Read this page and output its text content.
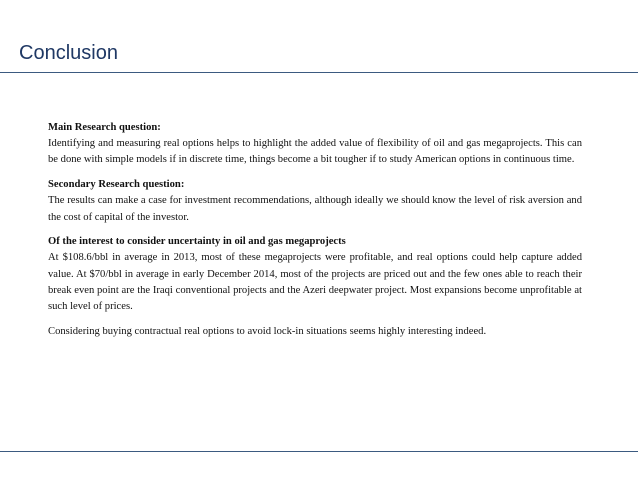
Conclusion
Main Research question:
Identifying and measuring real options helps to highlight the added value of flexibility of oil and gas megaprojects. This can be done with simple models if in discrete time, things become a bit tougher if to study American options in continuous time.
Secondary Research question:
The results can make a case for investment recommendations, although ideally we should know the level of risk aversion and the cost of capital of the investor.
Of the interest to consider uncertainty in oil and gas megaprojects
At $108.6/bbl in average in 2013, most of these megaprojects were profitable, and real options could help capture added value. At $70/bbl in average in early December 2014, most of the projects are priced out and the few ones able to reach their break even point are the Iraqi conventional projects and the Azeri deepwater project. Most expansions become unprofitable at such level of prices.

Considering buying contractual real options to avoid lock-in situations seems highly interesting indeed.
